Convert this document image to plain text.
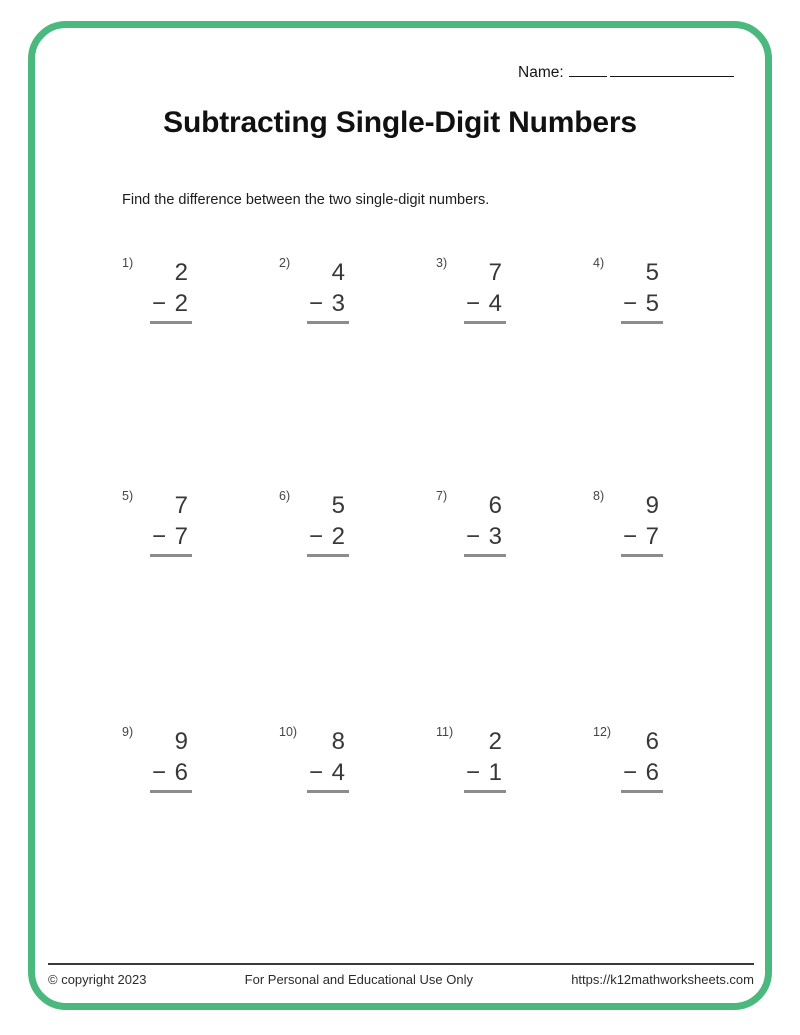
Name:
Subtracting Single-Digit Numbers
Find the difference between the two single-digit numbers.
1)	2
− 2
2)	4
− 3
3)	7
− 4
4)	5
− 5
5)	7
− 7
6)	5
− 2
7)	6
− 3
8)	9
− 7
9)	9
− 6
10)	8
− 4
11)	2
− 1
12)	6
− 6
© copyright 2023	For Personal and Educational Use Only	https://k12mathworksheets.com
